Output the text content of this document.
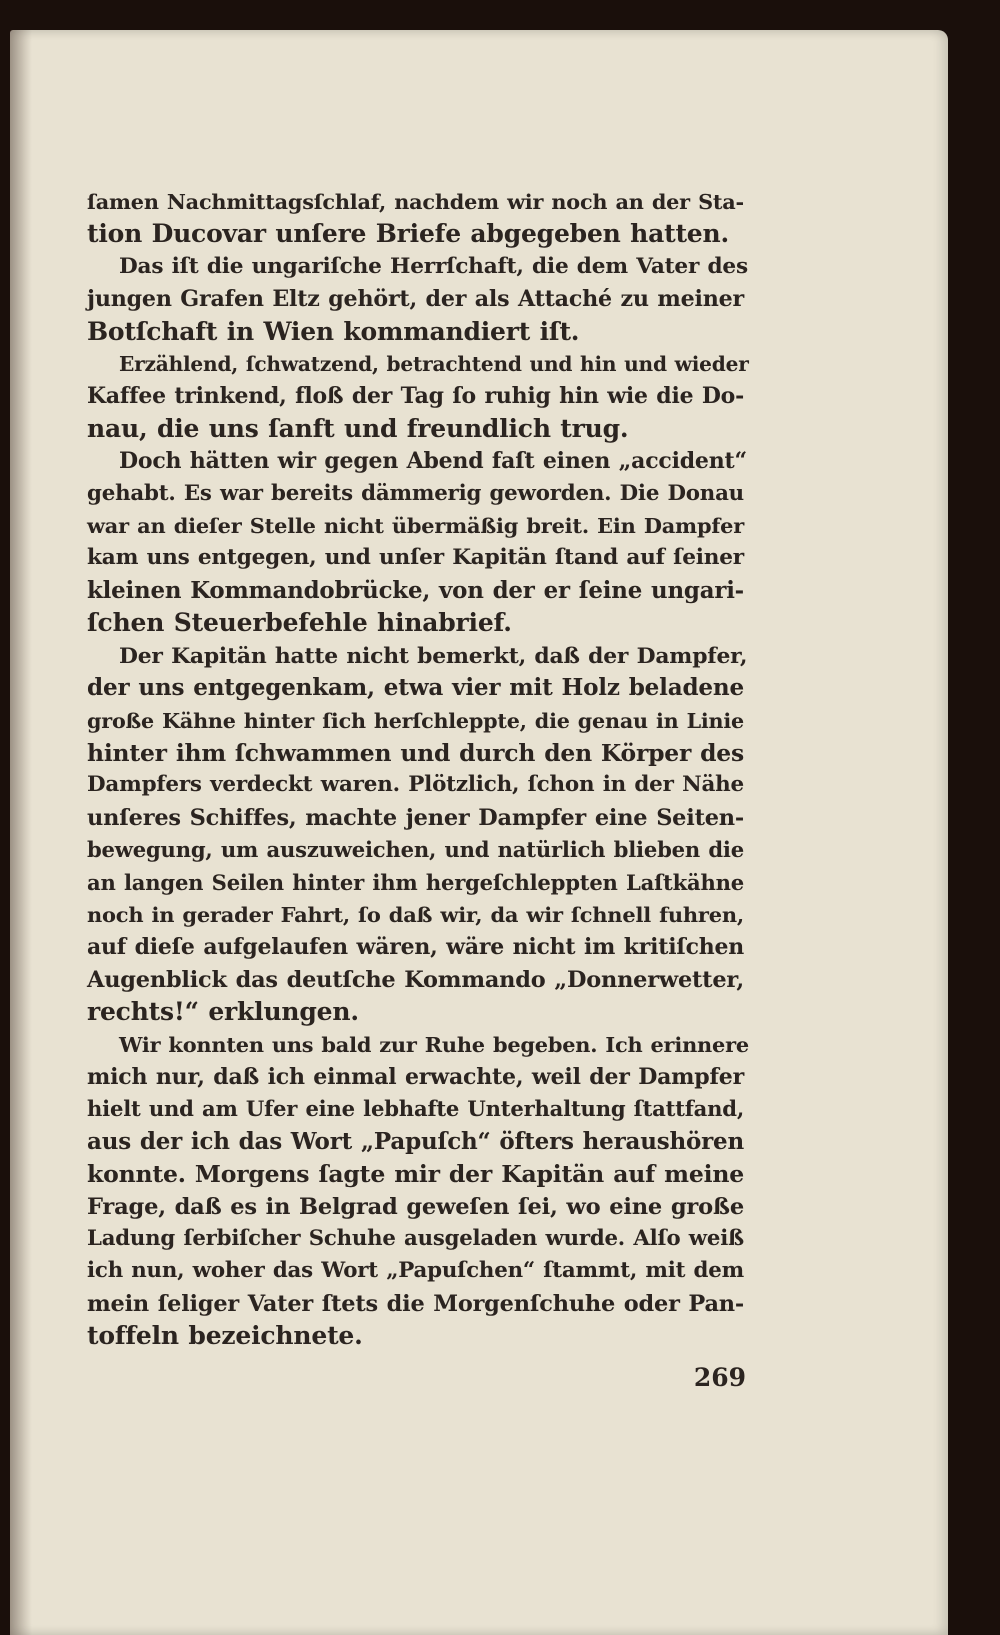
ſamen Nachmittagsſchlaf, nachdem wir noch an der Sta-
tion Ducovar unſere Briefe abgegeben hatten.

Das iſt die ungariſche Herrſchaft, die dem Vater des
jungen Grafen Eltz gehört, der als Attaché zu meiner
Botſchaft in Wien kommandiert iſt.

Erzählend, ſchwatzend, betrachtend und hin und wieder
Kaffee trinkend, floß der Tag ſo ruhig hin wie die Do-
nau, die uns ſanft und freundlich trug.

Doch hätten wir gegen Abend faſt einen „accident“
gehabt. Es war bereits dämmerig geworden. Die Donau
war an dieſer Stelle nicht übermäßig breit. Ein Dampfer
kam uns entgegen, und unſer Kapitän ſtand auf ſeiner
kleinen Kommandobrücke, von der er ſeine ungari-
ſchen Steuerbefehle hinabrief.

Der Kapitän hatte nicht bemerkt, daß der Dampfer,
der uns entgegenkam, etwa vier mit Holz beladene
große Kähne hinter ſich herſchleppte, die genau in Linie
hinter ihm ſchwammen und durch den Körper des
Dampfers verdeckt waren. Plötzlich, ſchon in der Nähe
unſeres Schiffes, machte jener Dampfer eine Seiten-
bewegung, um auszuweichen, und natürlich blieben die
an langen Seilen hinter ihm hergeſchleppten Laſtkähne
noch in gerader Fahrt, ſo daß wir, da wir ſchnell fuhren,
auf dieſe aufgelaufen wären, wäre nicht im kritiſchen
Augenblick das deutſche Kommando „Donnerwetter,
rechts!“ erklungen.

Wir konnten uns bald zur Ruhe begeben. Ich erinnere
mich nur, daß ich einmal erwachte, weil der Dampfer
hielt und am Ufer eine lebhafte Unterhaltung ſtattfand,
aus der ich das Wort „Papuſch“ öfters heraushören
konnte. Morgens ſagte mir der Kapitän auf meine
Frage, daß es in Belgrad geweſen ſei, wo eine große
Ladung ſerbiſcher Schuhe ausgeladen wurde. Alſo weiß
ich nun, woher das Wort „Papuſchen“ ſtammt, mit dem
mein ſeliger Vater ſtets die Morgenſchuhe oder Pan-
toffeln bezeichnete.

269
